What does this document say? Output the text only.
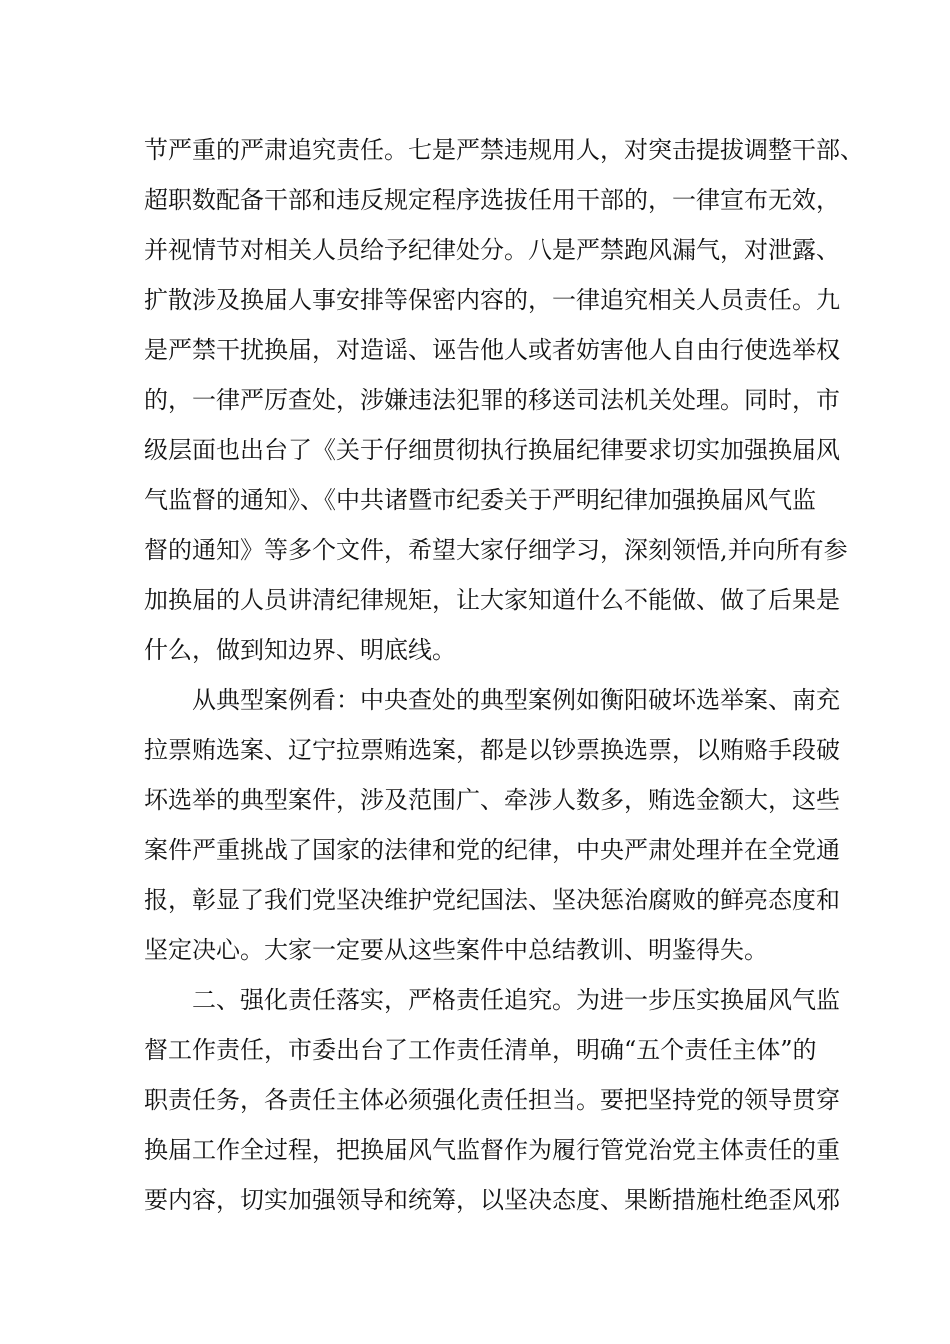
节严重的严肃追究责任。七是严禁违规用人，对突击提拔调整干部、
超职数配备干部和违反规定程序选拔任用干部的，一律宣布无效，
并视情节对相关人员给予纪律处分。八是严禁跑风漏气，对泄露、
扩散涉及换届人事安排等保密内容的，一律追究相关人员责任。九
是严禁干扰换届，对造谣、诬告他人或者妨害他人自由行使选举权
的，一律严厉查处，涉嫌违法犯罪的移送司法机关处理。同时，市
级层面也出台了《关于仔细贯彻执行换届纪律要求切实加强换届风
气监督的通知》、《中共诸暨市纪委关于严明纪律加强换届风气监
督的通知》等多个文件，希望大家仔细学习，深刻领悟,并向所有参
加换届的人员讲清纪律规矩，让大家知道什么不能做、做了后果是
什么，做到知边界、明底线。
从典型案例看：中央查处的典型案例如衡阳破坏选举案、南充
拉票贿选案、辽宁拉票贿选案，都是以钞票换选票，以贿赂手段破
坏选举的典型案件，涉及范围广、牵涉人数多，贿选金额大，这些
案件严重挑战了国家的法律和党的纪律，中央严肃处理并在全党通
报，彰显了我们党坚决维护党纪国法、坚决惩治腐败的鲜亮态度和
坚定决心。大家一定要从这些案件中总结教训、明鉴得失。
二、强化责任落实，严格责任追究。为进一步压实换届风气监
督工作责任，市委出台了工作责任清单，明确“五个责任主体”的
职责任务，各责任主体必须强化责任担当。要把坚持党的领导贯穿
换届工作全过程，把换届风气监督作为履行管党治党主体责任的重
要内容，切实加强领导和统筹，以坚决态度、果断措施杜绝歪风邪
